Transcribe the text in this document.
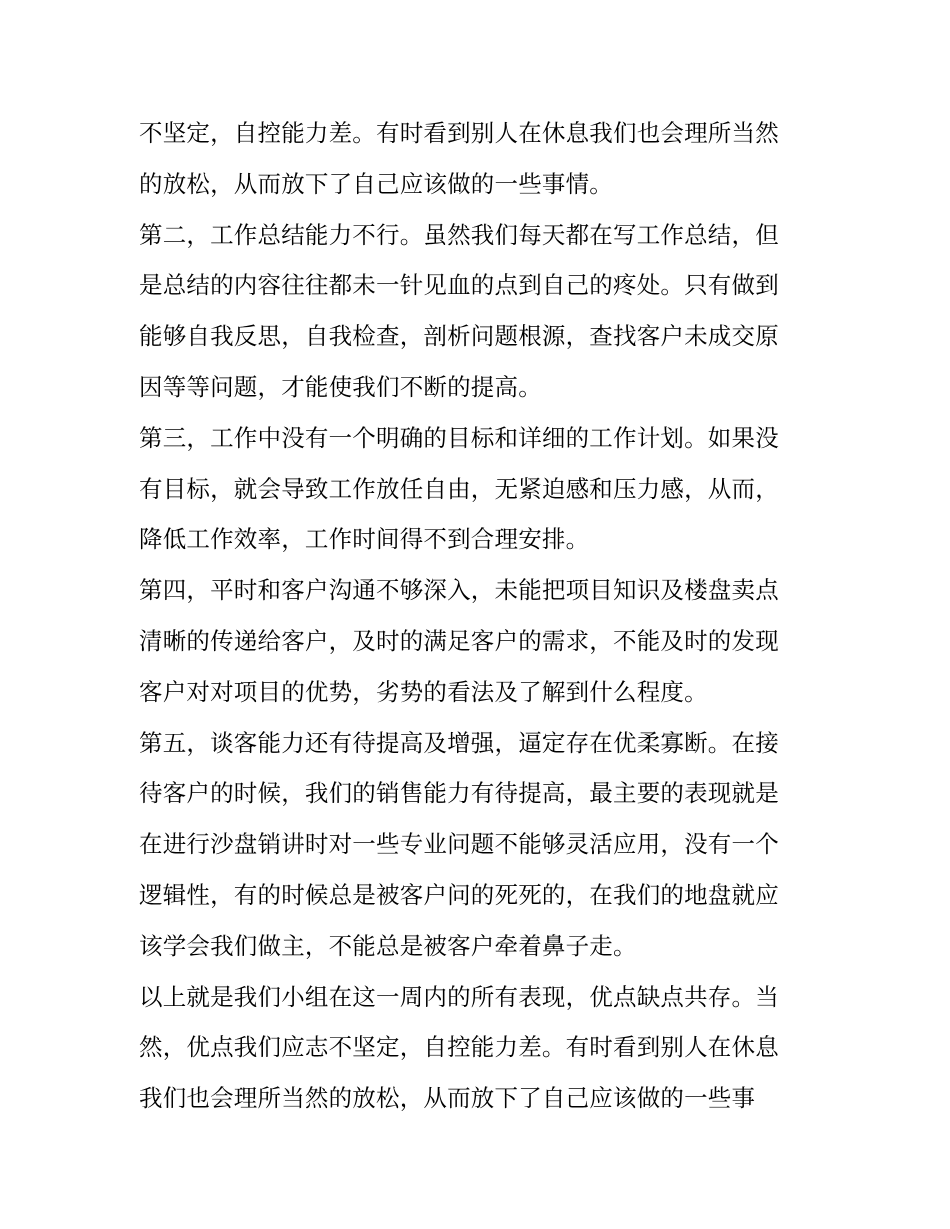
不坚定，自控能力差。有时看到别人在休息我们也会理所当然
的放松，从而放下了自己应该做的一些事情。
第二，工作总结能力不行。虽然我们每天都在写工作总结，但
是总结的内容往往都未一针见血的点到自己的疼处。只有做到
能够自我反思，自我检查，剖析问题根源，查找客户未成交原
因等等问题，才能使我们不断的提高。
第三，工作中没有一个明确的目标和详细的工作计划。如果没
有目标，就会导致工作放任自由，无紧迫感和压力感，从而，
降低工作效率，工作时间得不到合理安排。
第四，平时和客户沟通不够深入，未能把项目知识及楼盘卖点
清晰的传递给客户，及时的满足客户的需求，不能及时的发现
客户对对项目的优势，劣势的看法及了解到什么程度。
第五，谈客能力还有待提高及增强，逼定存在优柔寡断。在接
待客户的时候，我们的销售能力有待提高，最主要的表现就是
在进行沙盘销讲时对一些专业问题不能够灵活应用，没有一个
逻辑性，有的时候总是被客户问的死死的，在我们的地盘就应
该学会我们做主，不能总是被客户牵着鼻子走。
以上就是我们小组在这一周内的所有表现，优点缺点共存。当
然，优点我们应志不坚定，自控能力差。有时看到别人在休息
我们也会理所当然的放松，从而放下了自己应该做的一些事
